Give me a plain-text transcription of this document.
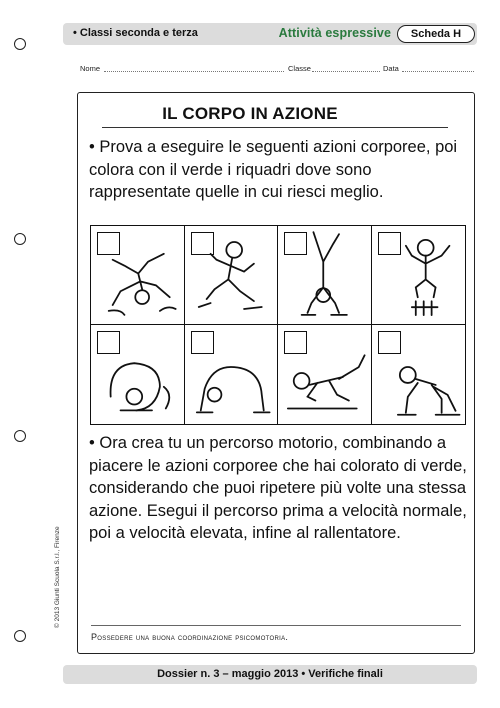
• Classi seconda e terza	Attività espressive	Scheda H
Nome	Classe	Data
IL CORPO IN AZIONE

• Prova a eseguire le seguenti azioni corporee, poi colora con il verde i riquadri dove sono rappresentate quelle in cui riesci meglio.

• Ora crea tu un percorso motorio, combinando a piacere le azioni corporee che hai colorato di verde, considerando che puoi ripetere più volte una stessa azione. Esegui il percorso prima a velocità normale, poi a velocità elevata, infine al rallentatore.

Possedere una buona coordinazione psicomotoria.
© 2013 Giunti Scuola S.r.l., Firenze
Dossier n. 3 – maggio 2013 • Verifiche finali
